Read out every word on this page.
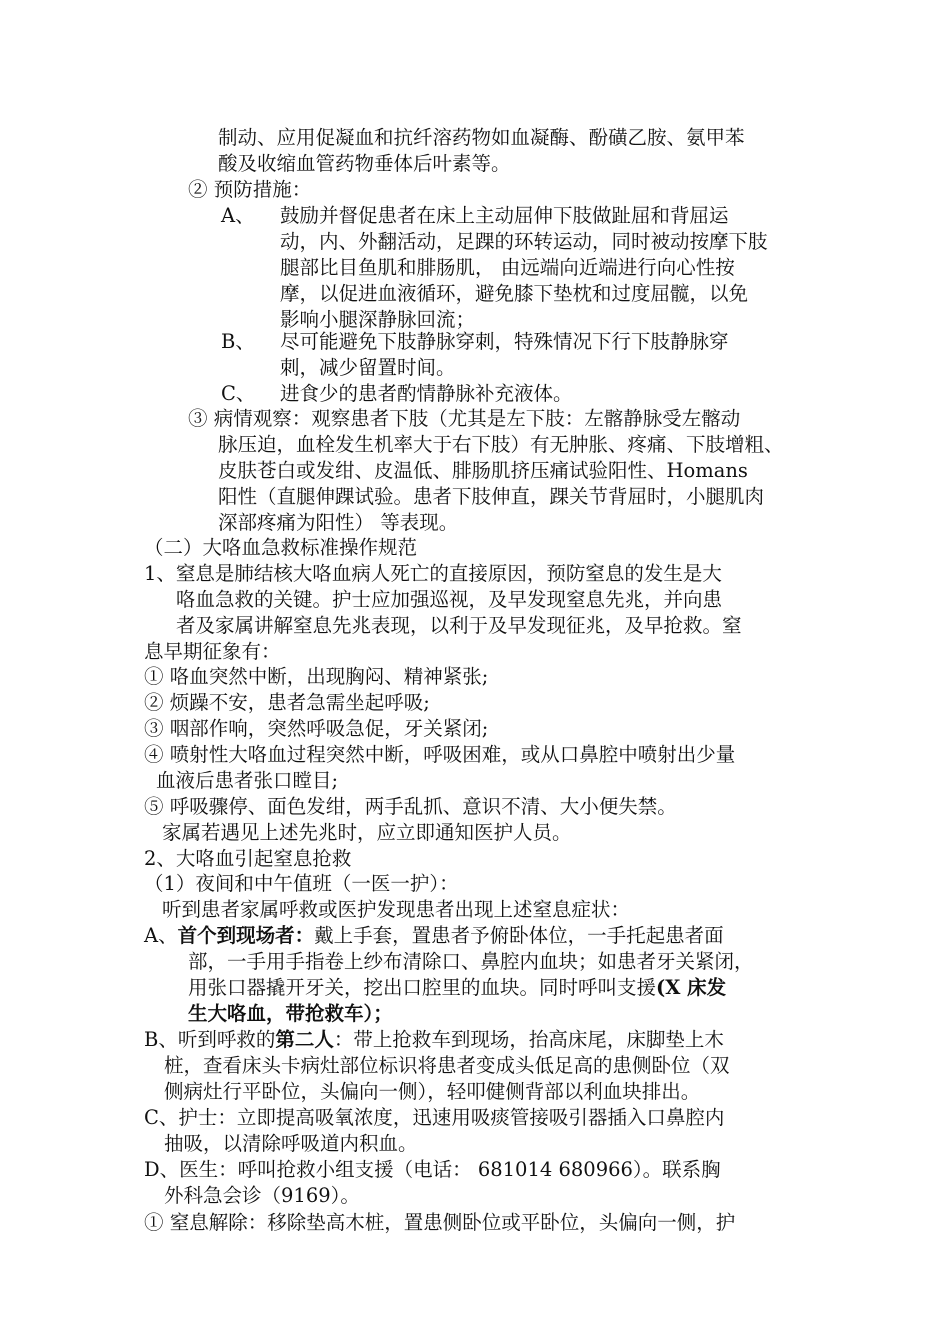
制动、应用促凝血和抗纤溶药物如血凝酶、酚磺乙胺、氨甲苯
酸及收缩血管药物垂体后叶素等。
② 预防措施：
A、 鼓励并督促患者在床上主动屈伸下肢做趾屈和背屈运
动，内、外翻活动，足踝的环转运动，同时被动按摩下肢
腿部比目鱼肌和腓肠肌， 由远端向近端进行向心性按
摩，以促进血液循环，避免膝下垫枕和过度屈髋，以免
影响小腿深静脉回流；
B、 尽可能避免下肢静脉穿刺，特殊情况下行下肢静脉穿
刺，减少留置时间。
C、 进食少的患者酌情静脉补充液体。
③ 病情观察：观察患者下肢（尤其是左下肢：左髂静脉受左髂动
脉压迫，血栓发生机率大于右下肢）有无肿胀、疼痛、下肢增粗、
皮肤苍白或发绀、皮温低、腓肠肌挤压痛试验阳性、Homans
阳性（直腿伸踝试验。患者下肢伸直，踝关节背屈时，小腿肌肉
深部疼痛为阳性） 等表现。
（二）大咯血急救标准操作规范
1、窒息是肺结核大咯血病人死亡的直接原因，预防窒息的发生是大
咯血急救的关键。护士应加强巡视，及早发现窒息先兆，并向患
者及家属讲解窒息先兆表现，以利于及早发现征兆，及早抢救。窒
息早期征象有：
① 咯血突然中断，出现胸闷、精神紧张;
② 烦躁不安，患者急需坐起呼吸;
③ 咽部作响，突然呼吸急促，牙关紧闭;
④ 喷射性大咯血过程突然中断，呼吸困难，或从口鼻腔中喷射出少量
血液后患者张口瞠目;
⑤ 呼吸骤停、面色发绀，两手乱抓、意识不清、大小便失禁。
家属若遇见上述先兆时，应立即通知医护人员。
2、大咯血引起窒息抢救
（1）夜间和中午值班（一医一护）：
听到患者家属呼救或医护发现患者出现上述窒息症状：
A、首个到现场者：戴上手套，置患者予俯卧体位，一手托起患者面
部，一手用手指卷上纱布清除口、鼻腔内血块；如患者牙关紧闭，
用张口器撬开牙关，挖出口腔里的血块。同时呼叫支援(X 床发
生大咯血，带抢救车）；
B、听到呼救的第二人：带上抢救车到现场，抬高床尾，床脚垫上木
桩，查看床头卡病灶部位标识将患者变成头低足高的患侧卧位（双
侧病灶行平卧位，头偏向一侧），轻叩健侧背部以利血块排出。
C、护士：立即提高吸氧浓度，迅速用吸痰管接吸引器插入口鼻腔内
抽吸，以清除呼吸道内积血。
D、医生：呼叫抢救小组支援（电话： 681014 680966）。联系胸
外科急会诊（9169）。
① 窒息解除：移除垫高木桩，置患侧卧位或平卧位，头偏向一侧，护
